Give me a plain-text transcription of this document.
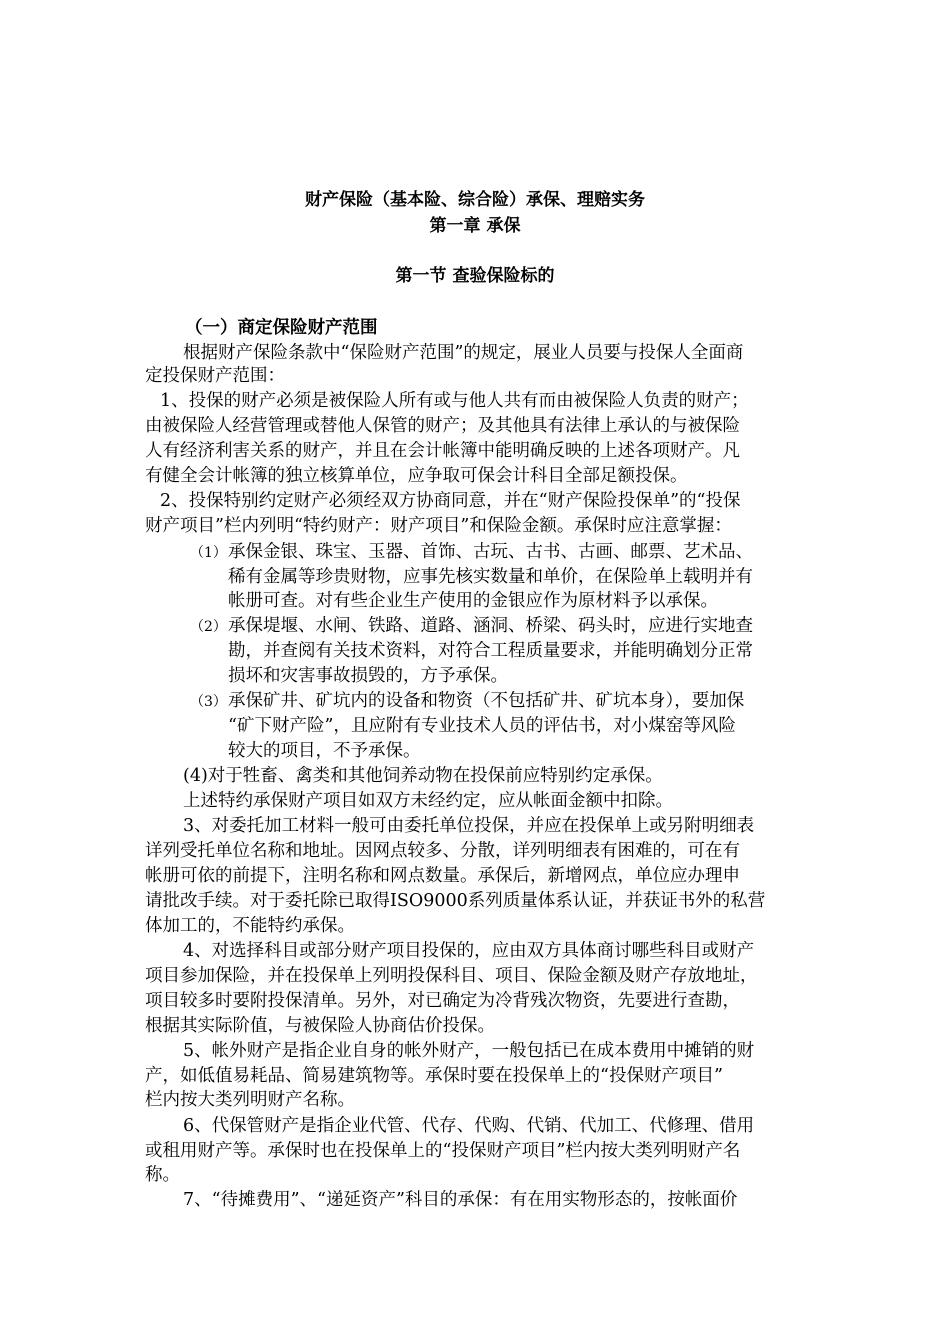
财产保险（基本险、综合险）承保、理赔实务
第一章 承保
第一节 查验保险标的
（一）商定保险财产范围
根据财产保险条款中“保险财产范围”的规定，展业人员要与投保人全面商
定投保财产范围：
1、投保的财产必须是被保险人所有或与他人共有而由被保险人负责的财产；
由被保险人经营管理或替他人保管的财产；及其他具有法律上承认的与被保险
人有经济利害关系的财产，并且在会计帐簿中能明确反映的上述各项财产。凡
有健全会计帐簿的独立核算单位，应争取可保会计科目全部足额投保。
2、投保特别约定财产必须经双方协商同意，并在“财产保险投保单”的“投保
财产项目”栏内列明“特约财产：财产项目”和保险金额。承保时应注意掌握：
（1） 承保金银、珠宝、玉器、首饰、古玩、古书、古画、邮票、艺术品、
稀有金属等珍贵财物，应事先核实数量和单价，在保险单上载明并有
帐册可查。对有些企业生产使用的金银应作为原材料予以承保。
（2） 承保堤堰、水闸、铁路、道路、涵洞、桥梁、码头时，应进行实地查
勘，并查阅有关技术资料，对符合工程质量要求，并能明确划分正常
损坏和灾害事故损毁的，方予承保。
（3） 承保矿井、矿坑内的设备和物资（不包括矿井、矿坑本身），要加保
“矿下财产险”，且应附有专业技术人员的评估书，对小煤窑等风险
较大的项目，不予承保。
(4)对于牲畜、禽类和其他饲养动物在投保前应特别约定承保。
上述特约承保财产项目如双方未经约定，应从帐面金额中扣除。
3、对委托加工材料一般可由委托单位投保，并应在投保单上或另附明细表
详列受托单位名称和地址。因网点较多、分散，详列明细表有困难的，可在有
帐册可依的前提下，注明名称和网点数量。承保后，新增网点，单位应办理申
请批改手续。对于委托除已取得ISO9000系列质量体系认证，并获证书外的私营
体加工的，不能特约承保。
4、对选择科目或部分财产项目投保的，应由双方具体商讨哪些科目或财产
项目参加保险，并在投保单上列明投保科目、项目、保险金额及财产存放地址，
项目较多时要附投保清单。另外，对已确定为冷背残次物资，先要进行查勘，
根据其实际阶值，与被保险人协商估价投保。
5、帐外财产是指企业自身的帐外财产，一般包括已在成本费用中摊销的财
产，如低值易耗品、简易建筑物等。承保时要在投保单上的“投保财产项目”
栏内按大类列明财产名称。
6、代保管财产是指企业代管、代存、代购、代销、代加工、代修理、借用
或租用财产等。承保时也在投保单上的“投保财产项目”栏内按大类列明财产名
称。
7、“待摊费用”、“递延资产”科目的承保：有在用实物形态的，按帐面价
